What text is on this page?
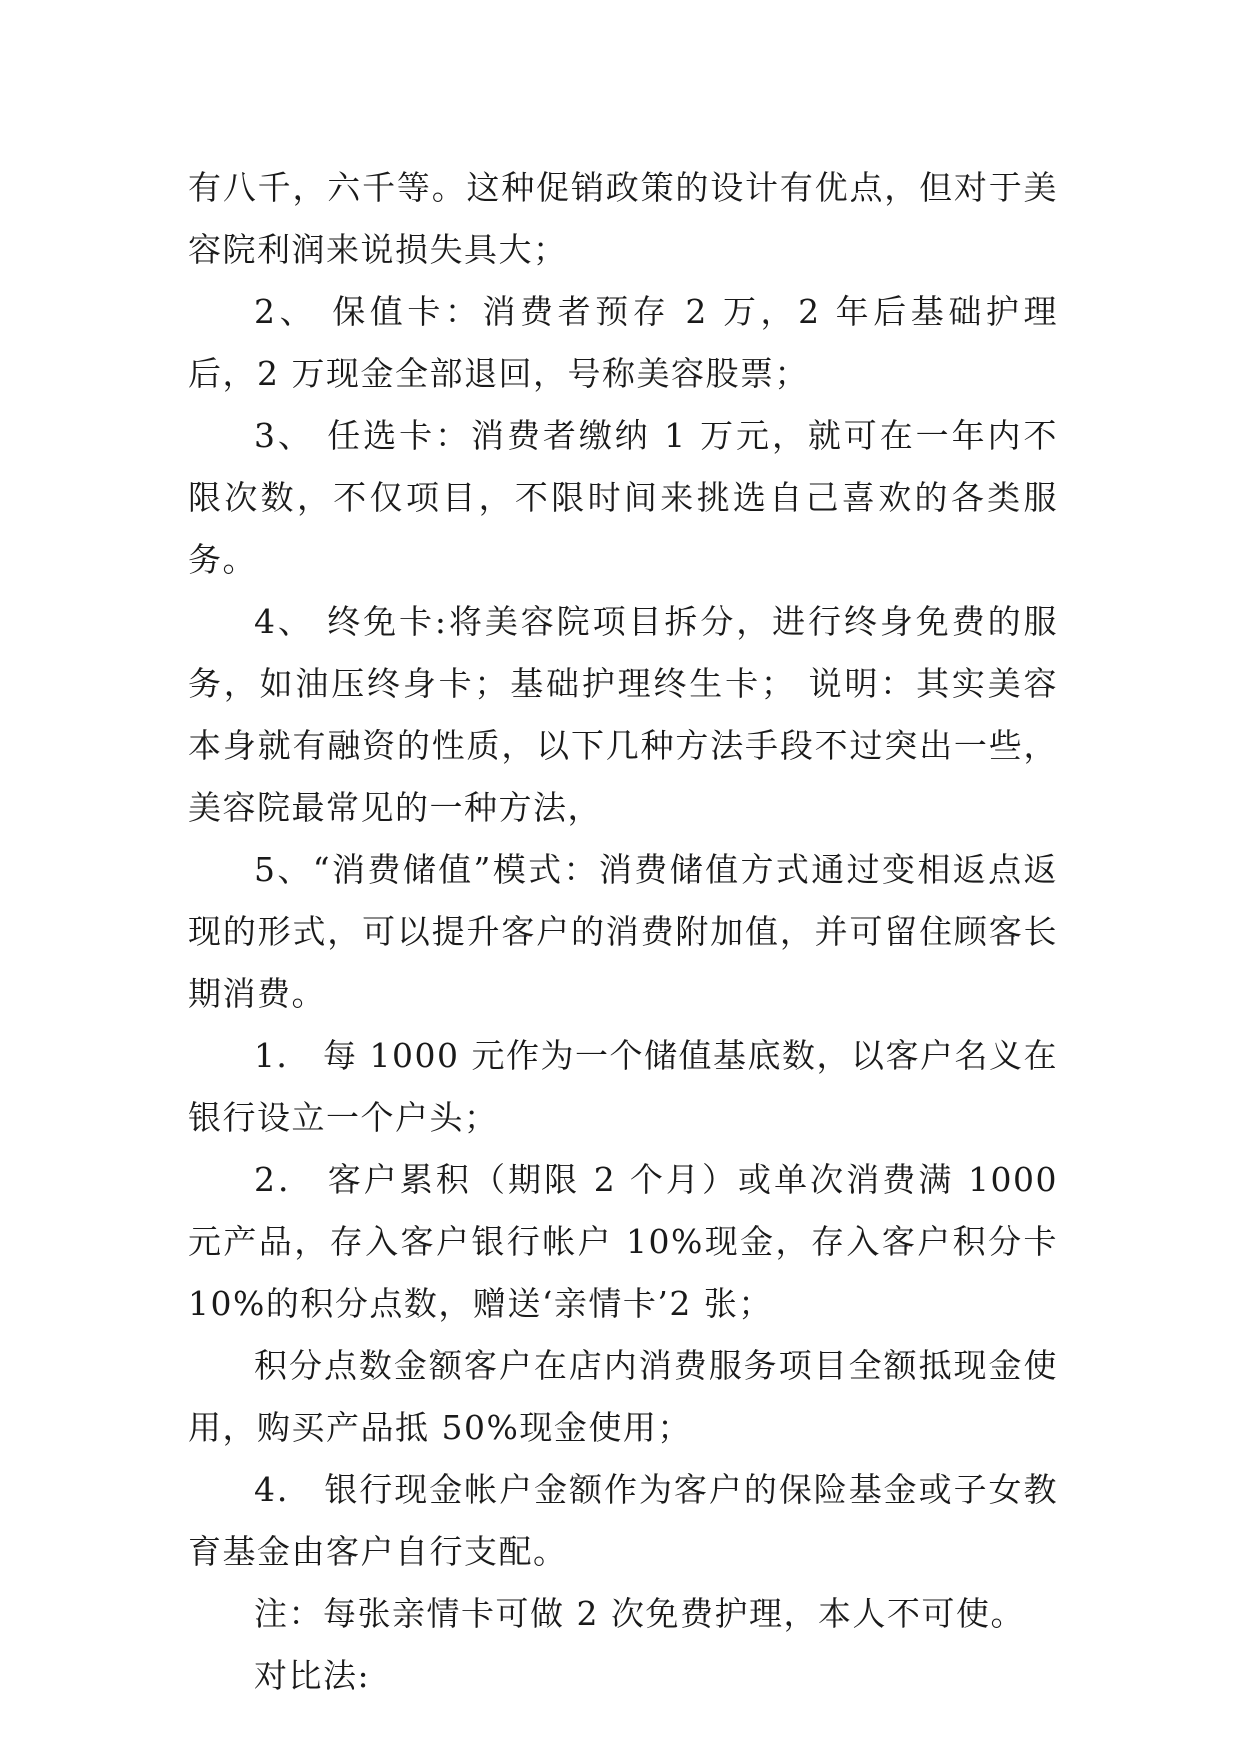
有八千，六千等。这种促销政策的设计有优点，但对于美容院利润来说损失具大；

2、 保值卡：消费者预存 2 万，2 年后基础护理后，2 万现金全部退回，号称美容股票；

3、 任选卡：消费者缴纳 1 万元，就可在一年内不限次数，不仅项目，不限时间来挑选自己喜欢的各类服务。

4、 终免卡:将美容院项目拆分，进行终身免费的服务，如油压终身卡；基础护理终生卡； 说明：其实美容本身就有融资的性质，以下几种方法手段不过突出一些，美容院最常见的一种方法，

5、“消费储值”模式：消费储值方式通过变相返点返现的形式，可以提升客户的消费附加值，并可留住顾客长期消费。

1． 每 1000 元作为一个储值基底数，以客户名义在银行设立一个户头；

2． 客户累积（期限 2 个月）或单次消费满 1000 元产品，存入客户银行帐户 10%现金，存入客户积分卡 10%的积分点数，赠送‘亲情卡’2 张；

积分点数金额客户在店内消费服务项目全额抵现金使用，购买产品抵 50%现金使用；

4． 银行现金帐户金额作为客户的保险基金或子女教育基金由客户自行支配。

注：每张亲情卡可做 2 次免费护理，本人不可使。

对比法:
